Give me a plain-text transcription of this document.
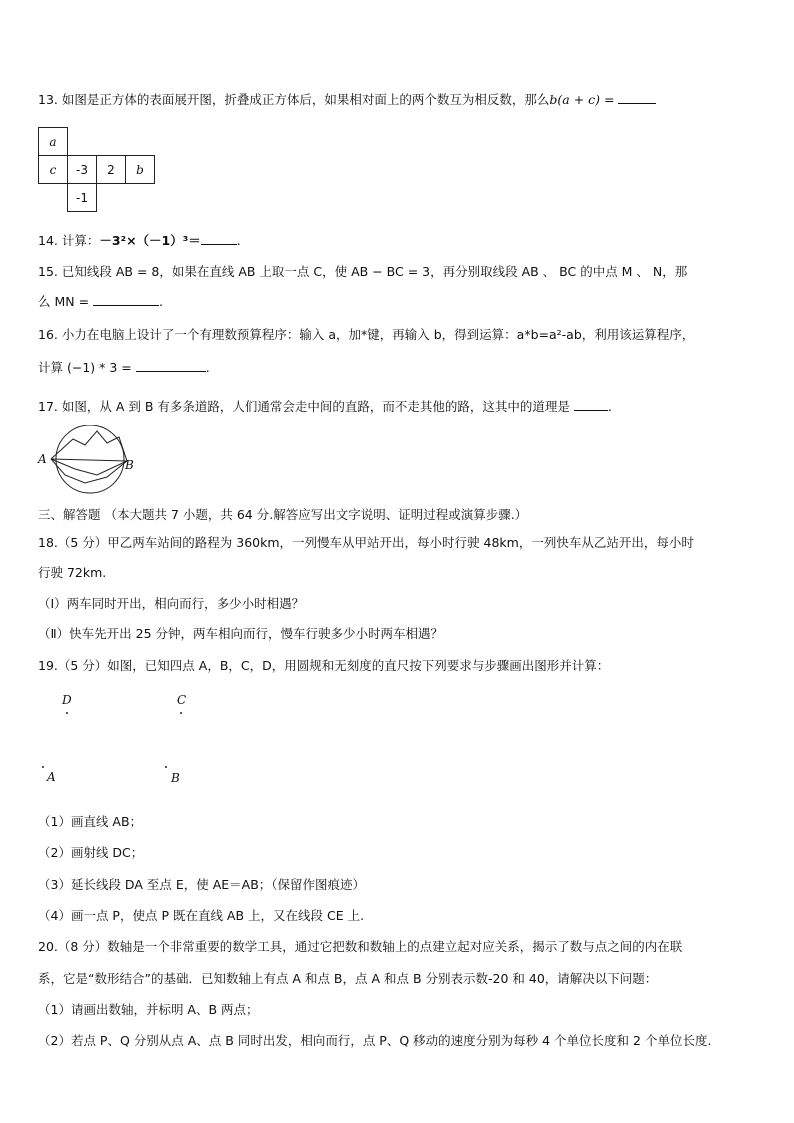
13. 如图是正方体的表面展开图，折叠成正方体后，如果相对面上的两个数互为相反数，那么b(a + c) =
a			
c	-3	2	b
	-1		
14. 计算：－3²×（－1）³＝	.
15. 已知线段 AB = 8，如果在直线 AB 上取一点 C，使 AB − BC = 3，再分别取线段 AB 、 BC 的中点 M 、 N，那
么 MN =	.
16. 小力在电脑上设计了一个有理数预算程序：输入 a，加*键，再输入 b，得到运算：a*b=a²-ab，利用该运算程序，
计算 (−1) * 3 =	.
17. 如图，从 A 到 B 有多条道路，人们通常会走中间的直路，而不走其他的路，这其中的道理是	.
A	B
三、解答题 （本大题共 7 小题，共 64 分.解答应写出文字说明、证明过程或演算步骤.）
18.（5 分）甲乙两车站间的路程为 360km，一列慢车从甲站开出，每小时行驶 48km，一列快车从乙站开出，每小时
行驶 72km.
（Ⅰ）两车同时开出，相向而行，多少小时相遇？
（Ⅱ）快车先开出 25 分钟，两车相向而行，慢车行驶多少小时两车相遇？
19.（5 分）如图，已知四点 A，B，C，D，用圆规和无刻度的直尺按下列要求与步骤画出图形并计算：
D	C
A	B
（1）画直线 AB；
（2）画射线 DC；
（3）延长线段 DA 至点 E，使 AE＝AB；（保留作图痕迹）
（4）画一点 P，使点 P 既在直线 AB 上，又在线段 CE 上.
20.（8 分）数轴是一个非常重要的数学工具，通过它把数和数轴上的点建立起对应关系，揭示了数与点之间的内在联
系，它是“数形结合”的基础．已知数轴上有点 A 和点 B，点 A 和点 B 分别表示数-20 和 40，请解决以下问题：
（1）请画出数轴，并标明 A、B 两点；
（2）若点 P、Q 分别从点 A、点 B 同时出发，相向而行，点 P、Q 移动的速度分别为每秒 4 个单位长度和 2 个单位长度.
